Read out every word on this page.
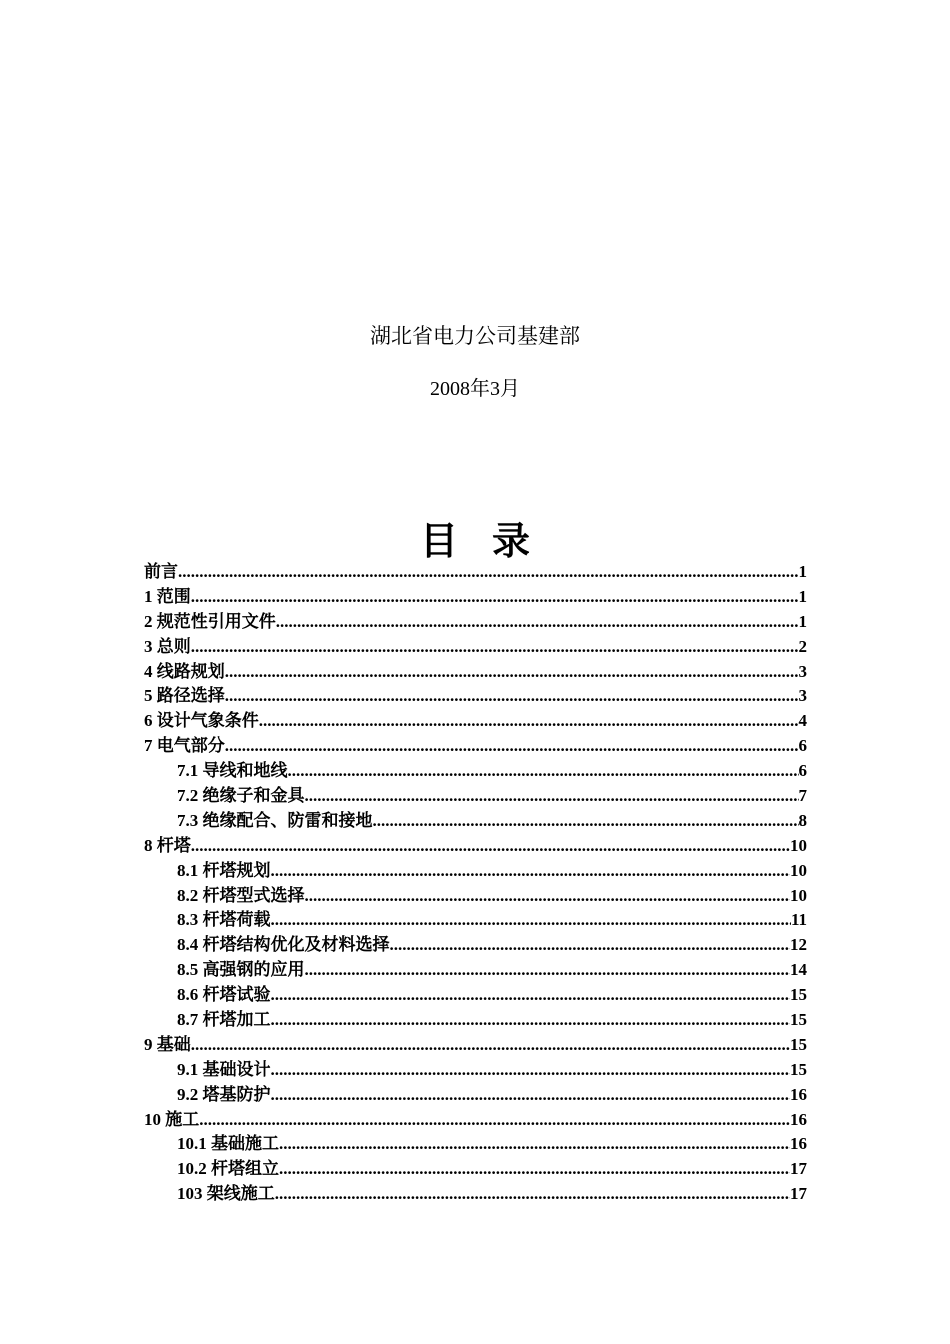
湖北省电力公司基建部
2008年3月
目录
前言 .....	1
1 范围 .....	1
2 规范性引用文件 .....	1
3 总则 .....	2
4 线路规划 .....	3
5 路径选择 .....	3
6 设计气象条件 .....	4
7 电气部分 .....	6
7.1 导线和地线 .....	6
7.2 绝缘子和金具 .....	7
7.3 绝缘配合、防雷和接地 .....	8
8 杆塔 .....	10
8.1 杆塔规划 .....	10
8.2 杆塔型式选择 .....	10
8.3 杆塔荷载 .....	11
8.4 杆塔结构优化及材料选择 .....	12
8.5 高强钢的应用 .....	14
8.6 杆塔试验 .....	15
8.7 杆塔加工 .....	15
9 基础 .....	15
9.1 基础设计 .....	15
9.2 塔基防护 .....	16
10 施工 .....	16
10.1 基础施工 .....	16
10.2 杆塔组立 .....	17
103 架线施工 .....	17
